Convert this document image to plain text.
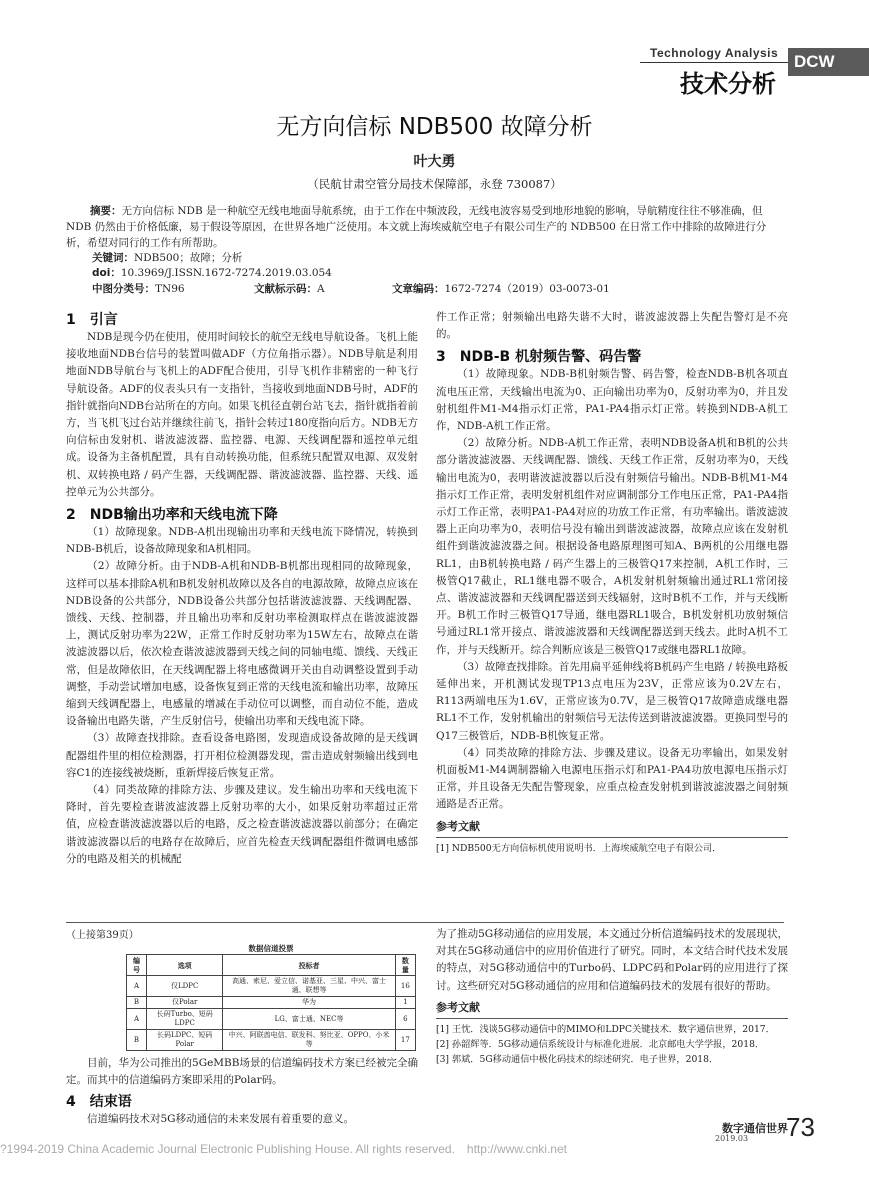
Technology Analysis
技术分析
DCW
无方向信标 NDB500 故障分析
叶大勇
（民航甘肃空管分局技术保障部，永登 730087）
摘要：无方向信标 NDB 是一种航空无线电地面导航系统，由于工作在中频波段，无线电波容易受到地形地貌的影响，导航精度往往不够准确，但 NDB 仍然由于价格低廉，易于假设等原因，在世界各地广泛使用。本文就上海埃威航空电子有限公司生产的 NDB500 在日常工作中排除的故障进行分析，希望对同行的工作有所帮助。
关键词：NDB500；故障；分析
doi：10.3969/J.ISSN.1672-7274.2019.03.054
中图分类号：TN96	文献标示码：A	文章编码：1672-7274（2019）03-0073-01
1　引言

NDB是现今仍在使用，使用时间较长的航空无线电导航设备。飞机上能接收地面NDB台信号的装置叫做ADF（方位角指示器）。NDB导航是利用地面NDB导航台与飞机上的ADF配合使用，引导飞机作非精密的一种飞行导航设备。ADF的仪表头只有一支指针，当接收到地面NDB号时，ADF的指针就指向NDB台站所在的方向。如果飞机径直朝台站飞去，指针就指着前方，当飞机飞过台站并继续往前飞，指针会转过180度指向后方。NDB无方向信标由发射机、谐波滤波器、监控器、电源、天线调配器和遥控单元组成。设备为主备机配置，具有自动转换功能，但系统只配置双电源、双发射机、双转换电路 / 码产生器，天线调配器、谐波滤波器、监控器、天线、遥控单元为公共部分。

2　NDB输出功率和天线电流下降

（1）故障现象。NDB-A机出现输出功率和天线电流下降情况，转换到NDB-B机后，设备故障现象和A机相同。

（2）故障分析。由于NDB-A机和NDB-B机都出现相同的故障现象，这样可以基本排除A机和B机发射机故障以及各自的电源故障，故障点应该在NDB设备的公共部分，NDB设备公共部分包括谐波滤波器、天线调配器、馈线、天线、控制器，并且输出功率和反射功率检测取样点在谐波滤波器上，测试反射功率为22W，正常工作时反射功率为15W左右，故障点在谐波滤波器以后，依次检查谐波滤波器到天线之间的同轴电缆、馈线、天线正常，但是故障依旧，在天线调配器上将电感微调开关由自动调整设置到手动调整，手动尝试增加电感，设备恢复到正常的天线电流和输出功率，故障压缩到天线调配器上，电感量的增减在手动位可以调整，而自动位不能，造成设备输出电路失谐，产生反射信号，使输出功率和天线电流下降。

（3）故障查找排除。查看设备电路图，发现造成设备故障的是天线调配器组件里的相位检测器，打开相位检测器发现，雷击造成射频输出线到电容C1的连接线被烧断，重新焊接后恢复正常。

（4）同类故障的排除方法、步骤及建议。发生输出功率和天线电流下降时，首先要检查谐波滤波器上反射功率的大小，如果反射功率超过正常值，应检查谐波滤波器以后的电路，反之检查谐波滤波器以前部分；在确定谐波滤波器以后的电路存在故障后，应首先检查天线调配器组件微调电感部分的电路及相关的机械配

件工作正常；射频输出电路失谐不大时，谐波滤波器上失配告警灯是不亮的。

3　NDB-B 机射频告警、码告警

（1）故障现象。NDB-B机射频告警、码告警，检查NDB-B机各项直流电压正常，天线输出电流为0、正向输出功率为0，反射功率为0，并且发射机组件M1-M4指示灯正常，PA1-PA4指示灯正常。转换到NDB-A机工作，NDB-A机工作正常。

（2）故障分析。NDB-A机工作正常，表明NDB设备A机和B机的公共部分谐波滤波器、天线调配器、馈线、天线工作正常，反射功率为0，天线输出电流为0，表明谐波滤波器以后没有射频信号输出。NDB-B机M1-M4指示灯工作正常，表明发射机组件对应调制部分工作电压正常，PA1-PA4指示灯工作正常，表明PA1-PA4对应的功放工作正常，有功率输出。谐波滤波器上正向功率为0，表明信号没有输出到谐波滤波器，故障点应该在发射机组件到谐波滤波器之间。根据设备电路原理图可知A、B两机的公用继电器RL1，由B机转换电路 / 码产生器上的三极管Q17来控制，A机工作时，三极管Q17截止，RL1继电器不吸合，A机发射机射频输出通过RL1常闭接点、谐波滤波器和天线调配器送到天线辐射，这时B机不工作，并与天线断开。B机工作时三极管Q17导通，继电器RL1吸合，B机发射机功放射频信号通过RL1常开接点、谐波滤波器和天线调配器送到天线去。此时A机不工作，并与天线断开。综合判断应该是三极管Q17或继电器RL1故障。

（3）故障查找排除。首先用扁平延伸线将B机码产生电路 / 转换电路板延伸出来，开机测试发现TP13点电压为23V，正常应该为0.2V左右，R113两端电压为1.6V，正常应该为0.7V，是三极管Q17故障造成继电器RL1不工作，发射机输出的射频信号无法传送到谐波滤波器。更换同型号的Q17三极管后，NDB-B机恢复正常。

（4）同类故障的排除方法、步骤及建议。设备无功率输出，如果发射机面板M1-M4调制器输入电源电压指示灯和PA1-PA4功放电源电压指示灯正常，并且设备无失配告警现象，应重点检查发射机到谐波滤波器之间射频通路是否正常。

参考文献
[1] NDB500无方向信标机使用说明书．上海埃威航空电子有限公司．
（上接第39页）
数据信道投票
编号	选项	投标者	数量
A	仅LDPC	高通、索尼、爱立信、诺基亚、三星、中兴、富士通、联想等	16
B	仅Polar	华为	1
A	长码Turbo、短码LDPC	LG、富士通、NEC等	6
B	长码LDPC、短码Polar	中兴、阿联酋电信、联发科、努比亚、OPPO、小米等	17

目前，华为公司推出的5GeMBB场景的信道编码技术方案已经被完全确定。而其中的信道编码方案即采用的Polar码。

4　结束语

信道编码技术对5G移动通信的未来发展有着重要的意义。

为了推动5G移动通信的应用发展，本文通过分析信道编码技术的发展现状，对其在5G移动通信中的应用价值进行了研究。同时，本文结合时代技术发展的特点，对5G移动通信中的Turbo码、LDPC码和Polar码的应用进行了探讨。这些研究对5G移动通信的应用和信道编码技术的发展有很好的帮助。

参考文献
[1] 王忱．浅谈5G移动通信中的MIMO和LDPC关键技术．数字通信世界，2017．
[2] 孙韶辉等．5G移动通信系统设计与标准化进展．北京邮电大学学报，2018．
[3] 郭斌．5G移动通信中极化码技术的综述研究．电子世界，2018．
?1994-2019 China Academic Journal Electronic Publishing House. All rights reserved.　http://www.cnki.net
数字通信世界
2019.03 73
